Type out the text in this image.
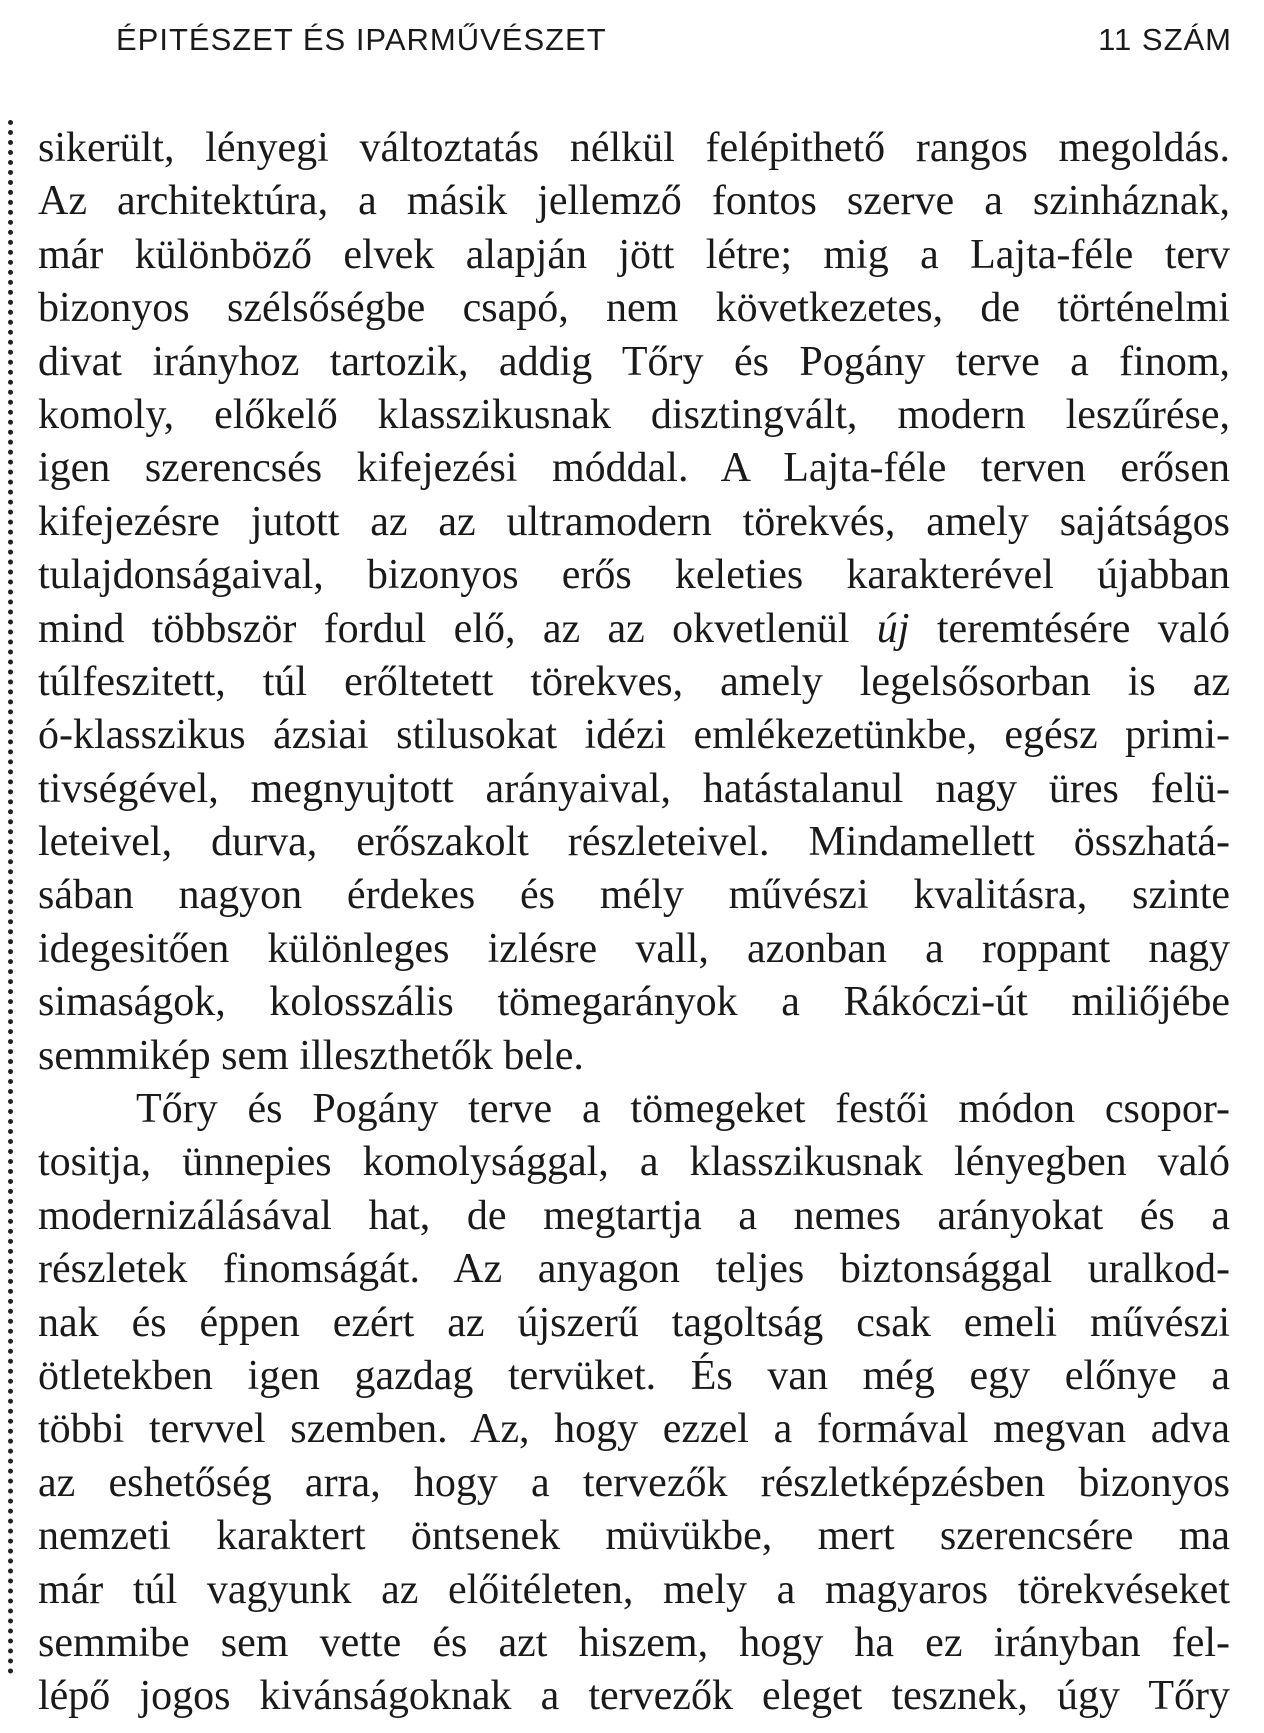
ÉPITÉSZET ÉS IPARMŰVÉSZET	11 SZÁM
sikerült, lényegi változtatás nélkül felépithető rangos megoldás.
Az architektúra, a másik jellemző fontos szerve a szinháznak,
már különböző elvek alapján jött létre; mig a Lajta-féle terv
bizonyos szélsőségbe csapó, nem következetes, de történelmi
divat irányhoz tartozik, addig Tőry és Pogány terve a finom,
komoly, előkelő klasszikusnak disztingvált, modern leszűrése,
igen szerencsés kifejezési móddal. A Lajta-féle terven erősen
kifejezésre jutott az az ultramodern törekvés, amely sajátságos
tulajdonságaival, bizonyos erős keleties karakterével újabban
mind többször fordul elő, az az okvetlenül új teremtésére való
túlfeszitett, túl erőltetett törekves, amely legelsősorban is az
ó-klasszikus ázsiai stilusokat idézi emlékezetünkbe, egész primi-
tivségével, megnyujtott arányaival, hatástalanul nagy üres felü-
leteivel, durva, erőszakolt részleteivel. Mindamellett összhatá-
sában nagyon érdekes és mély művészi kvalitásra, szinte
idegesitően különleges izlésre vall, azonban a roppant nagy
simaságok, kolosszális tömegarányok a Rákóczi-út miliőjébe
semmikép sem illeszthetők bele.
Tőry és Pogány terve a tömegeket festői módon csopor-
tositja, ünnepies komolysággal, a klasszikusnak lényegben való
modernizálásával hat, de megtartja a nemes arányokat és a
részletek finomságát. Az anyagon teljes biztonsággal uralkod-
nak és éppen ezért az újszerű tagoltság csak emeli művészi
ötletekben igen gazdag tervüket. És van még egy előnye a
többi tervvel szemben. Az, hogy ezzel a formával megvan adva
az eshetőség arra, hogy a tervezők részletképzésben bizonyos
nemzeti karaktert öntsenek müvükbe, mert szerencsére ma
már túl vagyunk az előitéleten, mely a magyaros törekvéseket
semmibe sem vette és azt hiszem, hogy ha ez irányban fel-
lépő jogos kivánságoknak a tervezők eleget tesznek, úgy Tőry
